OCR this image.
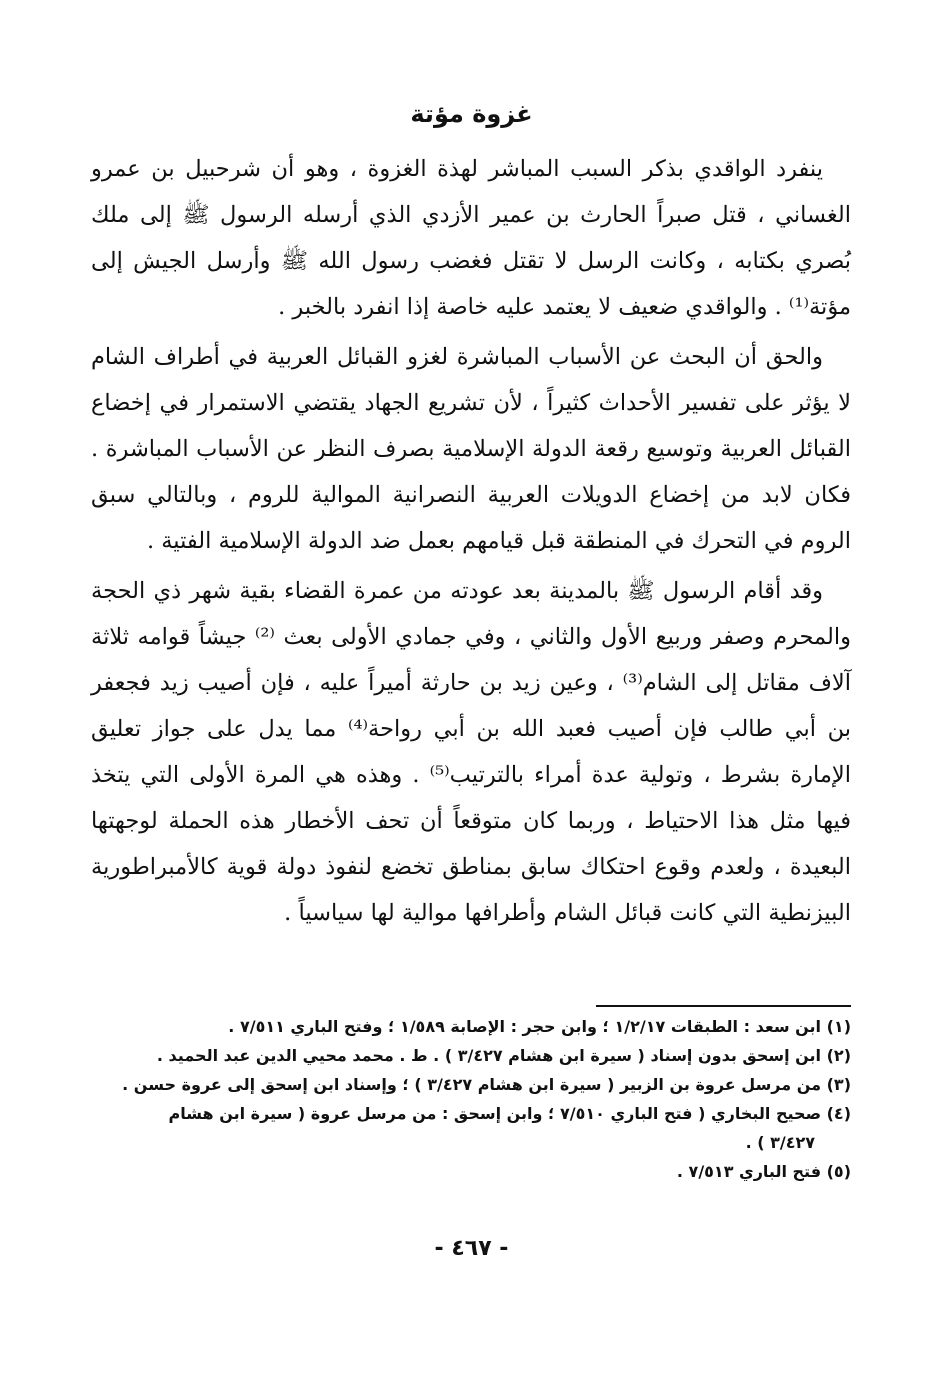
غزوة مؤتة

ينفرد الواقدي بذكر السبب المباشر لهذة الغزوة ، وهو أن شرحبيل بن عمرو الغساني ، قتل صبراً الحارث بن عمير الأزدي الذي أرسله الرسول ﷺ إلى ملك بُصري بكتابه ، وكانت الرسل لا تقتل فغضب رسول الله ﷺ وأرسل الجيش إلى مؤتة⁽¹⁾ . والواقدي ضعيف لا يعتمد عليه خاصة إذا انفرد بالخبر .

والحق أن البحث عن الأسباب المباشرة لغزو القبائل العربية في أطراف الشام لا يؤثر على تفسير الأحداث كثيراً ، لأن تشريع الجهاد يقتضي الاستمرار في إخضاع القبائل العربية وتوسيع رقعة الدولة الإسلامية بصرف النظر عن الأسباب المباشرة . فكان لابد من إخضاع الدويلات العربية النصرانية الموالية للروم ، وبالتالي سبق الروم في التحرك في المنطقة قبل قيامهم بعمل ضد الدولة الإسلامية الفتية .

وقد أقام الرسول ﷺ بالمدينة بعد عودته من عمرة القضاء بقية شهر ذي الحجة والمحرم وصفر وربيع الأول والثاني ، وفي جمادي الأولى بعث ⁽²⁾ جيشاً قوامه ثلاثة آلاف مقاتل إلى الشام⁽³⁾ ، وعين زيد بن حارثة أميراً عليه ، فإن أصيب زيد فجعفر بن أبي طالب فإن أصيب فعبد الله بن أبي رواحة⁽⁴⁾ مما يدل على جواز تعليق الإمارة بشرط ، وتولية عدة أمراء بالترتيب⁽⁵⁾ . وهذه هي المرة الأولى التي يتخذ فيها مثل هذا الاحتياط ، وربما كان متوقعاً أن تحف الأخطار هذه الحملة لوجهتها البعيدة ، ولعدم وقوع احتكاك سابق بمناطق تخضع لنفوذ دولة قوية كالأمبراطورية البيزنطية التي كانت قبائل الشام وأطرافها موالية لها سياسياً .

(١) ابن سعد : الطبقات ١/٢/١٧ ؛ وابن حجر : الإصابة ١/٥٨٩ ؛ وفتح الباري ٧/٥١١ .

(٢) ابن إسحق بدون إسناد ( سيرة ابن هشام ٣/٤٢٧ ) . ط . محمد محيي الدين عبد الحميد .

(٣) من مرسل عروة بن الزبير ( سيرة ابن هشام ٣/٤٢٧ ) ؛ وإسناد ابن إسحق إلى عروة حسن .

(٤) صحيح البخاري ( فتح الباري ٧/٥١٠ ؛ وابن إسحق : من مرسل عروة ( سيرة ابن هشام

٣/٤٢٧ ) .

(٥) فتح الباري ٧/٥١٣ .

- ٤٦٧ -
